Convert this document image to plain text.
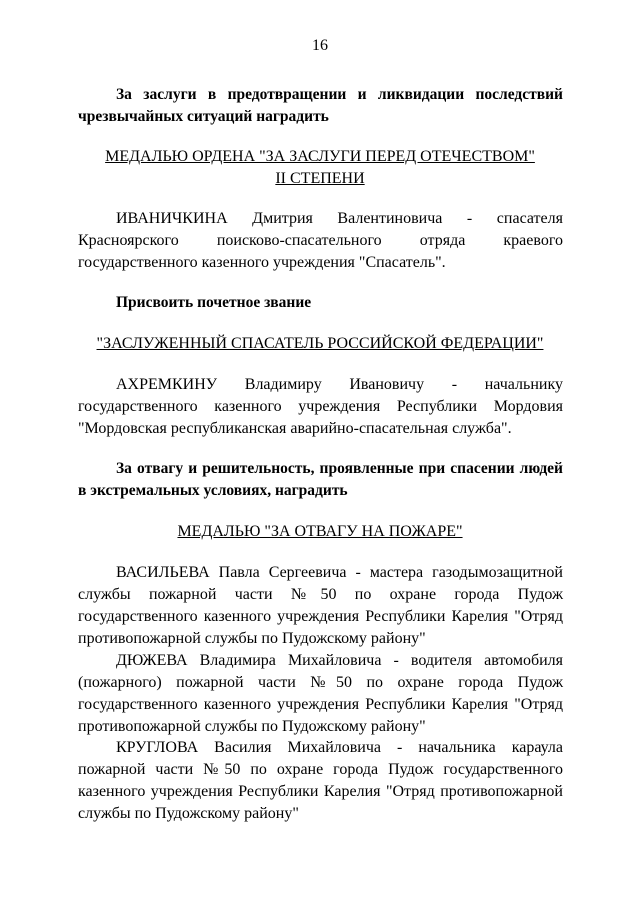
16
За заслуги в предотвращении и ликвидации последствий чрезвычайных ситуаций наградить
МЕДАЛЬЮ ОРДЕНА "ЗА ЗАСЛУГИ ПЕРЕД ОТЕЧЕСТВОМ"
II СТЕПЕНИ
ИВАНИЧКИНА Дмитрия Валентиновича - спасателя Красноярского поисково-спасательного отряда краевого государственного казенного учреждения "Спасатель".
Присвоить почетное звание
"ЗАСЛУЖЕННЫЙ СПАСАТЕЛЬ РОССИЙСКОЙ ФЕДЕРАЦИИ"
АХРЕМКИНУ Владимиру Ивановичу - начальнику государственного казенного учреждения Республики Мордовия "Мордовская республиканская аварийно-спасательная служба".
За отвагу и решительность, проявленные при спасении людей в экстремальных условиях, наградить
МЕДАЛЬЮ "ЗА ОТВАГУ НА ПОЖАРЕ"
ВАСИЛЬЕВА Павла Сергеевича - мастера газодымозащитной службы пожарной части №50 по охране города Пудож государственного казенного учреждения Республики Карелия "Отряд противопожарной службы по Пудожскому району"
ДЮЖЕВА Владимира Михайловича - водителя автомобиля (пожарного) пожарной части №50 по охране города Пудож государственного казенного учреждения Республики Карелия "Отряд противопожарной службы по Пудожскому району"
КРУГЛОВА Василия Михайловича - начальника караула пожарной части №50 по охране города Пудож государственного казенного учреждения Республики Карелия "Отряд противопожарной службы по Пудожскому району"
